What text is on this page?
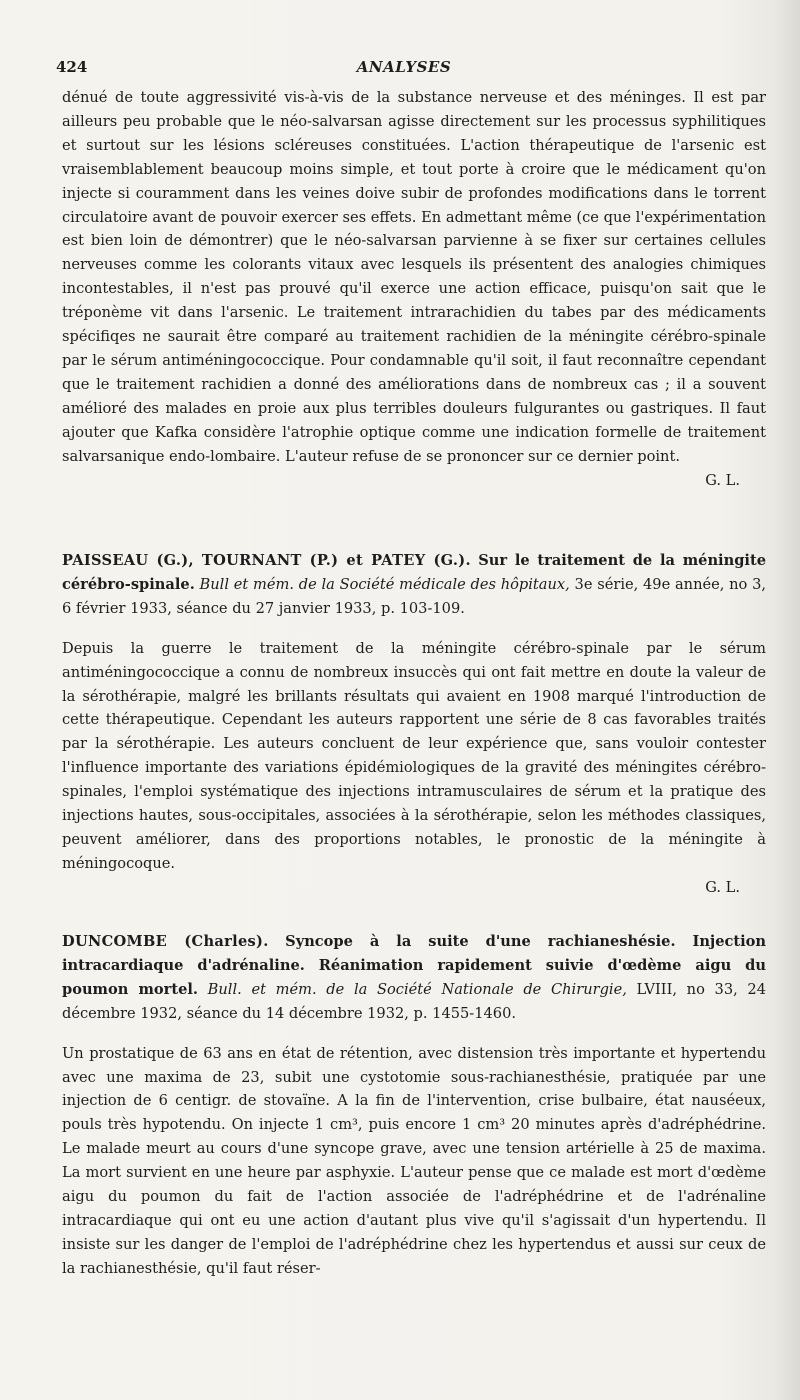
424	ANALYSES

dénué de toute aggressivité vis-à-vis de la substance nerveuse et des méninges. Il est par ailleurs peu probable que le néo-salvarsan agisse directement sur les processus syphilitiques et surtout sur les lésions scléreuses constituées. L'action thérapeutique de l'arsenic est vraisemblablement beaucoup moins simple, et tout porte à croire que le médicament qu'on injecte si couramment dans les veines doive subir de profondes modifications dans le torrent circulatoire avant de pouvoir exercer ses effets. En admettant même (ce que l'expérimentation est bien loin de démontrer) que le néo-salvarsan parvienne à se fixer sur certaines cellules nerveuses comme les colorants vitaux avec lesquels ils présentent des analogies chimiques incontestables, il n'est pas prouvé qu'il exerce une action efficace, puisqu'on sait que le tréponème vit dans l'arsenic. Le traitement intrarachidien du tabes par des médicaments spécifiqes ne saurait être comparé au traitement rachidien de la méningite cérébro-spinale par le sérum antiméningococcique. Pour condamnable qu'il soit, il faut reconnaître cependant que le traitement rachidien a donné des améliorations dans de nombreux cas ; il a souvent amélioré des malades en proie aux plus terribles douleurs fulgurantes ou gastriques. Il faut ajouter que Kafka considère l'atrophie optique comme une indication formelle de traitement salvarsanique endo-lombaire. L'auteur refuse de se prononcer sur ce dernier point.

G. L.
PAISSEAU (G.), TOURNANT (P.) et PATEY (G.). Sur le traitement de la méningite cérébro-spinale. Bull et mém. de la Société médicale des hôpitaux, 3e série, 49e année, no 3, 6 février 1933, séance du 27 janvier 1933, p. 103-109.

Depuis la guerre le traitement de la méningite cérébro-spinale par le sérum antiméningococcique a connu de nombreux insuccès qui ont fait mettre en doute la valeur de la sérothérapie, malgré les brillants résultats qui avaient en 1908 marqué l'introduction de cette thérapeutique. Cependant les auteurs rapportent une série de 8 cas favorables traités par la sérothérapie. Les auteurs concluent de leur expérience que, sans vouloir contester l'influence importante des variations épidémiologiques de la gravité des méningites cérébro-spinales, l'emploi systématique des injections intramusculaires de sérum et la pratique des injections hautes, sous-occipitales, associées à la sérothérapie, selon les méthodes classiques, peuvent améliorer, dans des proportions notables, le pronostic de la méningite à méningocoque.

G. L.
DUNCOMBE (Charles). Syncope à la suite d'une rachianeshésie. Injection intracardiaque d'adrénaline. Réanimation rapidement suivie d'œdème aigu du poumon mortel. Bull. et mém. de la Société Nationale de Chirurgie, LVIII, no 33, 24 décembre 1932, séance du 14 décembre 1932, p. 1455-1460.

Un prostatique de 63 ans en état de rétention, avec distension très importante et hypertendu avec une maxima de 23, subit une cystotomie sous-rachianesthésie, pratiquée par une injection de 6 centigr. de stovaïne. A la fin de l'intervention, crise bulbaire, état nauséeux, pouls très hypotendu. On injecte 1 cm³, puis encore 1 cm³ 20 minutes après d'adréphédrine. Le malade meurt au cours d'une syncope grave, avec une tension artérielle à 25 de maxima. La mort survient en une heure par asphyxie. L'auteur pense que ce malade est mort d'œdème aigu du poumon du fait de l'action associée de l'adréphédrine et de l'adrénaline intracardiaque qui ont eu une action d'autant plus vive qu'il s'agissait d'un hypertendu. Il insiste sur les danger de l'emploi de l'adréphédrine chez les hypertendus et aussi sur ceux de la rachianesthésie, qu'il faut réser-
